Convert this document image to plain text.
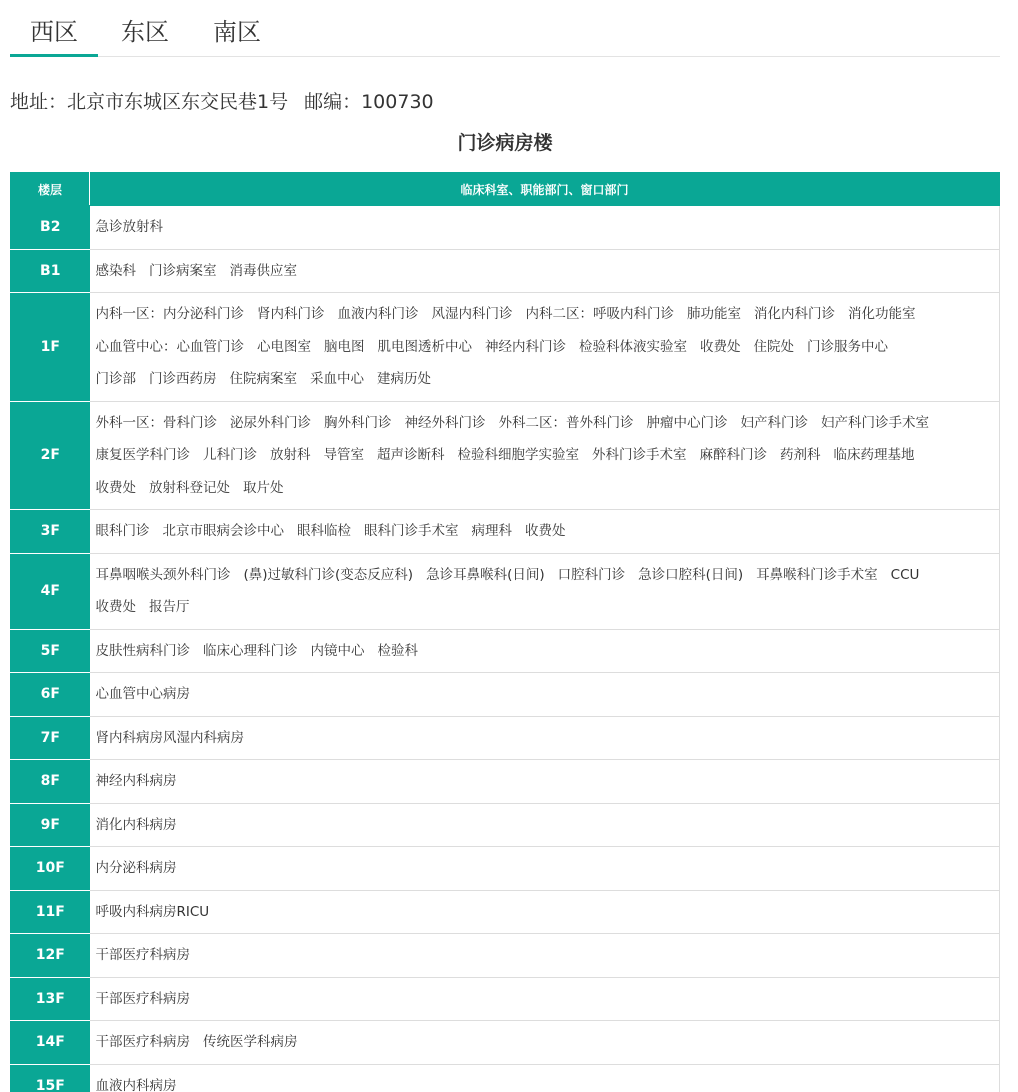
西区 东区 南区
地址：北京市东城区东交民巷1号 邮编：100730
门诊病房楼
楼层	临床科室、职能部门、窗口部门
B2	急诊放射科

B1	感染科 门诊病案室 消毒供应室

1F	内科一区：内分泌科门诊 肾内科门诊 血液内科门诊 风湿内科门诊 内科二区：呼吸内科门诊 肺功能室 消化内科门诊 消化功能室
心血管中心：心血管门诊 心电图室 脑电图 肌电图透析中心 神经内科门诊 检验科体液实验室 收费处 住院处 门诊服务中心
门诊部 门诊西药房 住院病案室 采血中心 建病历处

2F	外科一区：骨科门诊 泌尿外科门诊 胸外科门诊 神经外科门诊 外科二区：普外科门诊 肿瘤中心门诊 妇产科门诊 妇产科门诊手术室
康复医学科门诊 儿科门诊 放射科 导管室 超声诊断科 检验科细胞学实验室 外科门诊手术室 麻醉科门诊 药剂科 临床药理基地
收费处 放射科登记处 取片处

3F	眼科门诊 北京市眼病会诊中心 眼科临检 眼科门诊手术室 病理科 收费处

4F	耳鼻咽喉头颈外科门诊 (鼻)过敏科门诊(变态反应科) 急诊耳鼻喉科(日间) 口腔科门诊 急诊口腔科(日间) 耳鼻喉科门诊手术室 CCU
收费处 报告厅

5F	皮肤性病科门诊 临床心理科门诊 内镜中心 检验科

6F	心血管中心病房

7F	肾内科病房风湿内科病房

8F	神经内科病房

9F	消化内科病房

10F	内分泌科病房

11F	呼吸内科病房RICU

12F	干部医疗科病房

13F	干部医疗科病房

14F	干部医疗科病房 传统医学科病房

15F	血液内科病房
